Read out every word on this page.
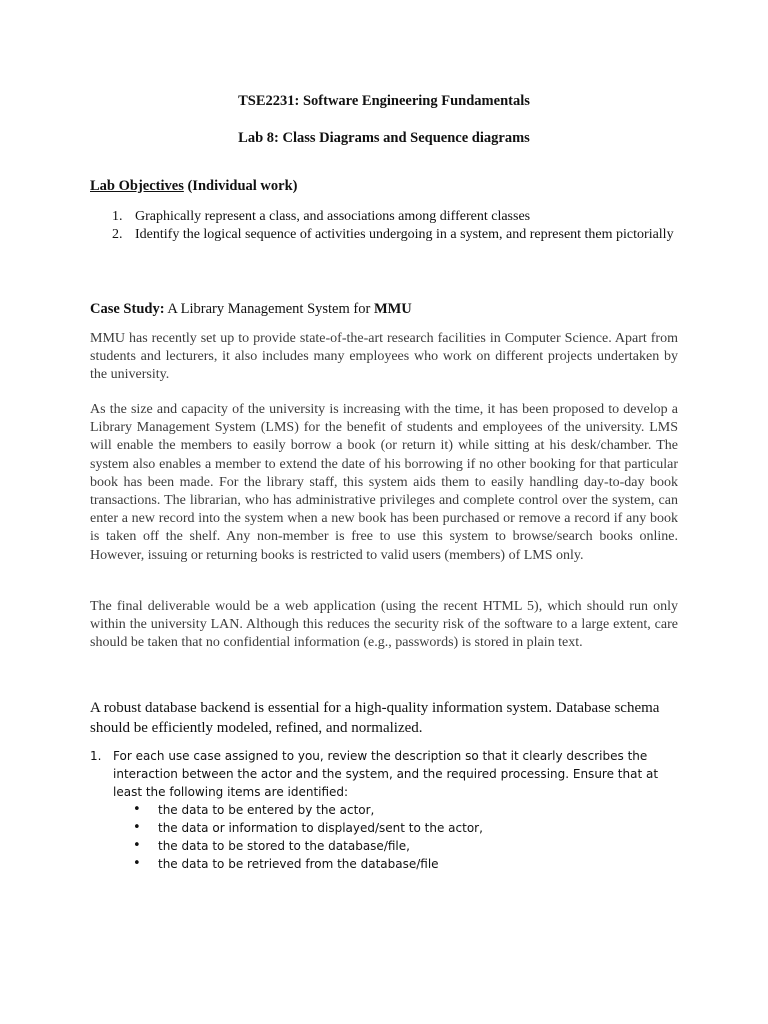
TSE2231: Software Engineering Fundamentals
Lab 8: Class Diagrams and Sequence diagrams
Lab Objectives (Individual work)
1. Graphically represent a class, and associations among different classes
2. Identify the logical sequence of activities undergoing in a system, and represent them pictorially
Case Study: A Library Management System for MMU

MMU has recently set up to provide state-of-the-art research facilities in Computer Science. Apart from students and lecturers, it also includes many employees who work on different projects undertaken by the university.

As the size and capacity of the university is increasing with the time, it has been proposed to develop a Library Management System (LMS) for the benefit of students and employees of the university. LMS will enable the members to easily borrow a book (or return it) while sitting at his desk/chamber. The system also enables a member to extend the date of his borrowing if no other booking for that particular book has been made. For the library staff, this system aids them to easily handling day-to-day book transactions. The librarian, who has administrative privileges and complete control over the system, can enter a new record into the system when a new book has been purchased or remove a record if any book is taken off the shelf. Any non-member is free to use this system to browse/search books online. However, issuing or returning books is restricted to valid users (members) of LMS only.

The final deliverable would be a web application (using the recent HTML 5), which should run only within the university LAN. Although this reduces the security risk of the software to a large extent, care should be taken that no confidential information (e.g., passwords) is stored in plain text.

A robust database backend is essential for a high-quality information system. Database schema should be efficiently modeled, refined, and normalized.

1. For each use case assigned to you, review the description so that it clearly describes the interaction between the actor and the system, and the required processing. Ensure that at least the following items are identified:
• the data to be entered by the actor,
• the data or information to displayed/sent to the actor,
• the data to be stored to the database/file,
• the data to be retrieved from the database/file
